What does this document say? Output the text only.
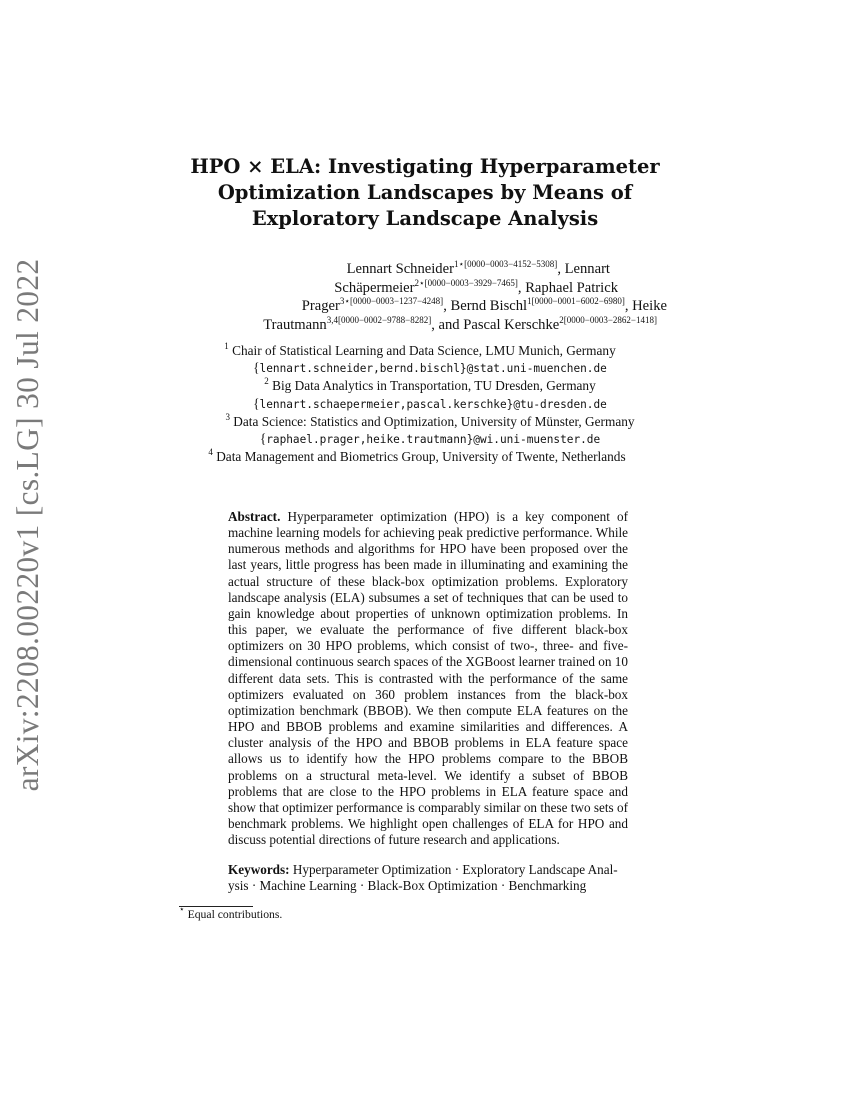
arXiv:2208.00220v1 [cs.LG] 30 Jul 2022
HPO × ELA: Investigating Hyperparameter
Optimization Landscapes by Means of
Exploratory Landscape Analysis
Lennart Schneider$^{1⋆[0000-0003-4152-5308]}$, Lennart
Schäpermeier$^{2⋆[0000-0003-3929-7465]}$, Raphael Patrick
Prager$^{3⋆[0000-0003-1237-4248]}$, Bernd Bischl$^{1[0000-0001-6002-6980]}$, Heike
Trautmann$^{3,4[0000-0002-9788-8282]}$, and Pascal Kerschke$^{2[0000-0003-2862-1418]}$
$^1$ Chair of Statistical Learning and Data Science, LMU Munich, Germany
{lennart.schneider,bernd.bischl}@stat.uni-muenchen.de
$^2$ Big Data Analytics in Transportation, TU Dresden, Germany
{lennart.schaepermeier,pascal.kerschke}@tu-dresden.de
$^3$ Data Science: Statistics and Optimization, University of Münster, Germany
{raphael.prager,heike.trautmann}@wi.uni-muenster.de
$^4$ Data Management and Biometrics Group, University of Twente, Netherlands

Abstract. Hyperparameter optimization (HPO) is a key component of machine learning models for achieving peak predictive performance. While numerous methods and algorithms for HPO have been proposed over the last years, little progress has been made in illuminating and examining the actual structure of these black-box optimization problems. Exploratory landscape analysis (ELA) subsumes a set of techniques that can be used to gain knowledge about properties of unknown optimization problems. In this paper, we evaluate the performance of five different black-box optimizers on 30 HPO problems, which consist of two-, three- and five-dimensional continuous search spaces of the XGBoost learner trained on 10 different data sets. This is contrasted with the performance of the same optimizers evaluated on 360 problem instances from the black-box optimization benchmark (BBOB). We then compute ELA features on the HPO and BBOB problems and examine similarities and differences. A cluster analysis of the HPO and BBOB problems in ELA feature space allows us to identify how the HPO problems compare to the BBOB problems on a structural meta-level. We identify a subset of BBOB problems that are close to the HPO problems in ELA feature space and show that optimizer performance is comparably similar on these two sets of benchmark problems. We highlight open challenges of ELA for HPO and discuss potential directions of future research and applications.

Keywords: Hyperparameter Optimization · Exploratory Landscape Anal-
ysis · Machine Learning · Black-Box Optimization · Benchmarking
⋆ Equal contributions.
